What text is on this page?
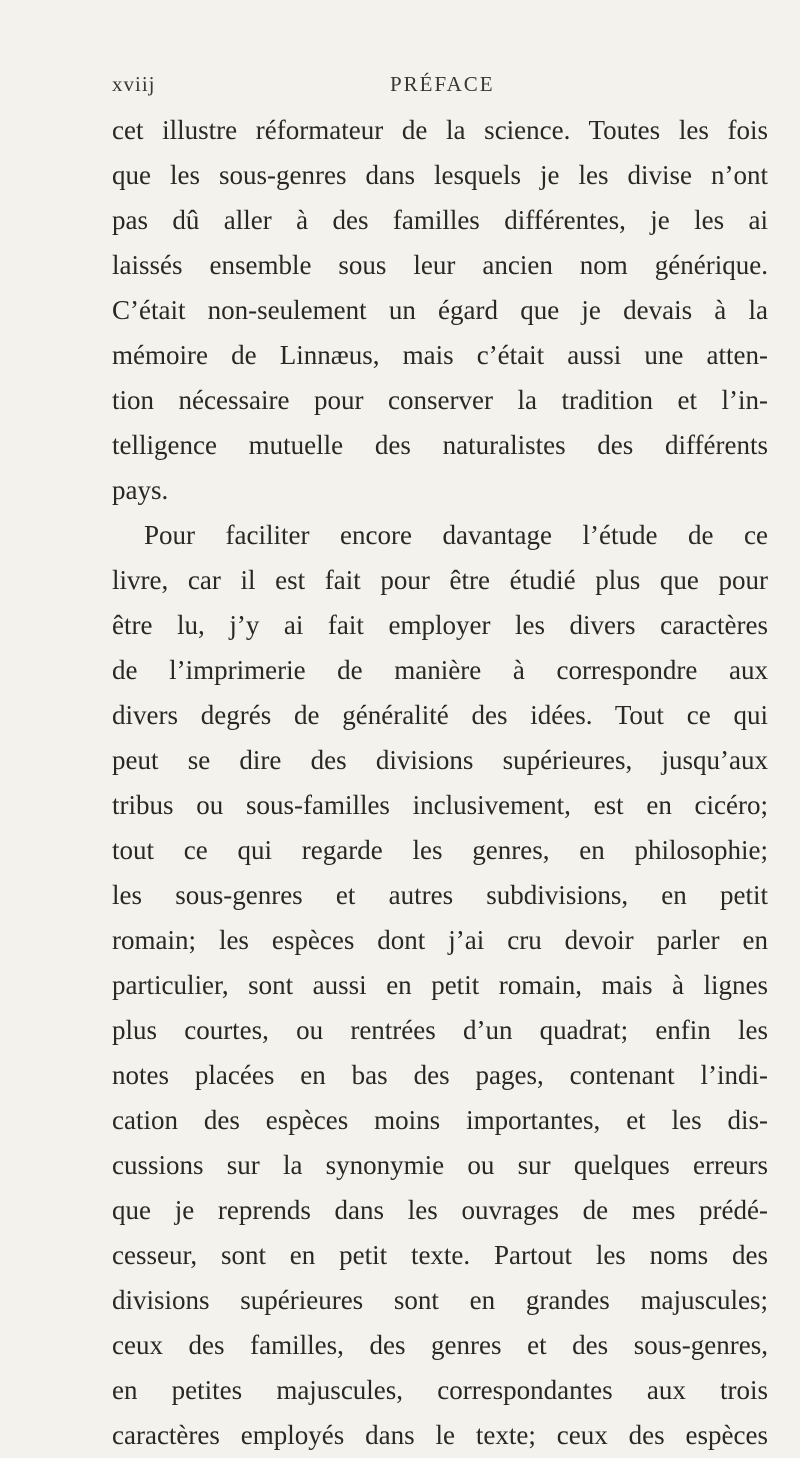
xviij	PRÉFACE
cet illustre réformateur de la science. Toutes les fois
que les sous-genres dans lesquels je les divise n’ont
pas dû aller à des familles différentes, je les ai
laissés ensemble sous leur ancien nom générique.
C’était non-seulement un égard que je devais à la
mémoire de Linnæus, mais c’était aussi une atten-
tion nécessaire pour conserver la tradition et l’in-
telligence mutuelle des naturalistes des différents
pays.
Pour faciliter encore davantage l’étude de ce
livre, car il est fait pour être étudié plus que pour
être lu, j’y ai fait employer les divers caractères
de l’imprimerie de manière à correspondre aux
divers degrés de généralité des idées. Tout ce qui
peut se dire des divisions supérieures, jusqu’aux
tribus ou sous-familles inclusivement, est en cicéro;
tout ce qui regarde les genres, en philosophie;
les sous-genres et autres subdivisions, en petit
romain; les espèces dont j’ai cru devoir parler en
particulier, sont aussi en petit romain, mais à lignes
plus courtes, ou rentrées d’un quadrat; enfin les
notes placées en bas des pages, contenant l’indi-
cation des espèces moins importantes, et les dis-
cussions sur la synonymie ou sur quelques erreurs
que je reprends dans les ouvrages de mes prédé-
cesseur, sont en petit texte. Partout les noms des
divisions supérieures sont en grandes majuscules;
ceux des familles, des genres et des sous-genres,
en petites majuscules, correspondantes aux trois
caractères employés dans le texte; ceux des espèces
